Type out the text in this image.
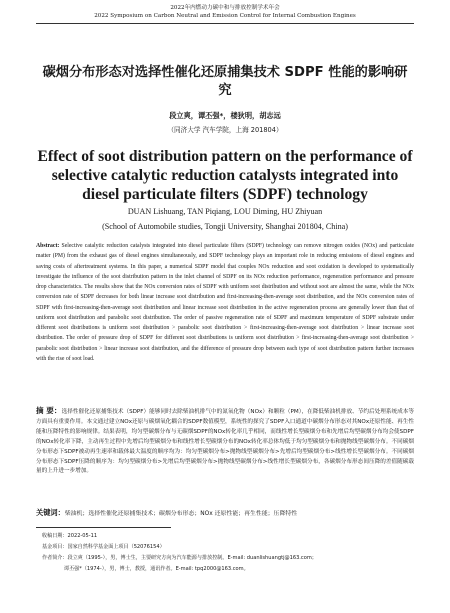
2022年内燃动力碳中和与排放控制学术年会
2022 Symposium on Carbon Neutral and Emission Control for Internal Combustion Engines
碳烟分布形态对选择性催化还原捕集技术 SDPF 性能的影响研究
段立爽，谭丕强*，楼狄明，胡志远
（同济大学 汽车学院，上海 201804）
Effect of soot distribution pattern on the performance of selective catalytic reduction catalysts integrated into diesel particulate filters (SDPF) technology
DUAN Lishuang, TAN Piqiang, LOU Diming, HU Zhiyuan
(School of Automobile studies, Tongji University, Shanghai 201804, China)
Abstract: Selective catalytic reduction catalysts integrated into diesel particulate filters (SDPF) technology can remove nitrogen oxides (NOx) and particulate matter (PM) from the exhaust gas of diesel engines simultaneously, and SDPF technology plays an important role in reducing emissions of diesel engines and saving costs of aftertreatment systems. In this paper, a numerical SDPF model that couples NOx reduction and soot oxidation is developed to systematically investigate the influence of the soot distribution pattern in the inlet channel of SDPF on its NOx reduction performance, regeneration performance and pressure drop characteristics. The results show that the NOx conversion rates of SDPF with uniform soot distribution and without soot are almost the same, while the NOx conversion rate of SDPF decreases for both linear increase soot distribution and first-increasing-then-average soot distribution, and the NOx conversion rates of SDPF with first-increasing-then-average soot distribution and linear increase soot distribution in the active regeneration process are generally lower than that of uniform soot distribution and parabolic soot distribution. The order of passive regeneration rate of SDPF and maximum temperature of SDPF substrate under different soot distributions is uniform soot distribution > parabolic soot distribution > first-increasing-then-average soot distribution > linear increase soot distribution. The order of pressure drop of SDPF for different soot distributions is uniform soot distribution > first-increasing-then-average soot distribution > parabolic soot distribution > linear increase soot distribution, and the difference of pressure drop between each type of soot distribution pattern further increases with the rise of soot load.
摘 要：选择性催化还原捕集技术（SDPF）能够同时去除柴油机排气中的氮氧化物（NOx）和颗粒（PM），在降低柴油机排放、节约后处理系统成本等方面具有重要作用。本文通过建立NOx还原与碳烟氧化耦合的SDPF数值模型，系统性的探究了SDPF入口通道中碳烟分布形态对其NOx还原性能、再生性能和压降特性的影响规律。结果表明，均匀型碳烟分布与无碳烟SDPF的NOx转化率几乎相同，而线性增长型碳烟分布和先增后均型碳烟分布均会使SDPF的NOx转化率下降，主动再生过程中先增后均型碳烟分布和线性增长型碳烟分布的NOx转化率总体均低于均匀型碳烟分布和抛物线型碳烟分布。不同碳烟分布形态下SDPF被动再生速率和载体最大温度的顺序均为：均匀型碳烟分布>抛物线型碳烟分布>先增后均型碳烟分布>线性增长型碳烟分布。不同碳烟分布形态下SDPF压降的顺序为：均匀型碳烟分布>先增后均型碳烟分布>抛物线型碳烟分布>线性增长型碳烟分布，各碳烟分布形态间压降的差值随碳载量的上升进一步增加。
关键词：柴油机；选择性催化还原捕集技术；碳烟分布形态；NOx 还原性能；再生性能；压降特性
收稿日期：2022-05-11
基金项目：国家自然科学基金面上项目（52076154）
作者简介：段立爽（1995-），男，博士生，主要研究方向为汽车能源与排放控制。E-mail: duanlishuangtj@163.com；
谭丕强*（1974-），男，博士，教授，通讯作者。E-mail: tpq2000@163.com。
